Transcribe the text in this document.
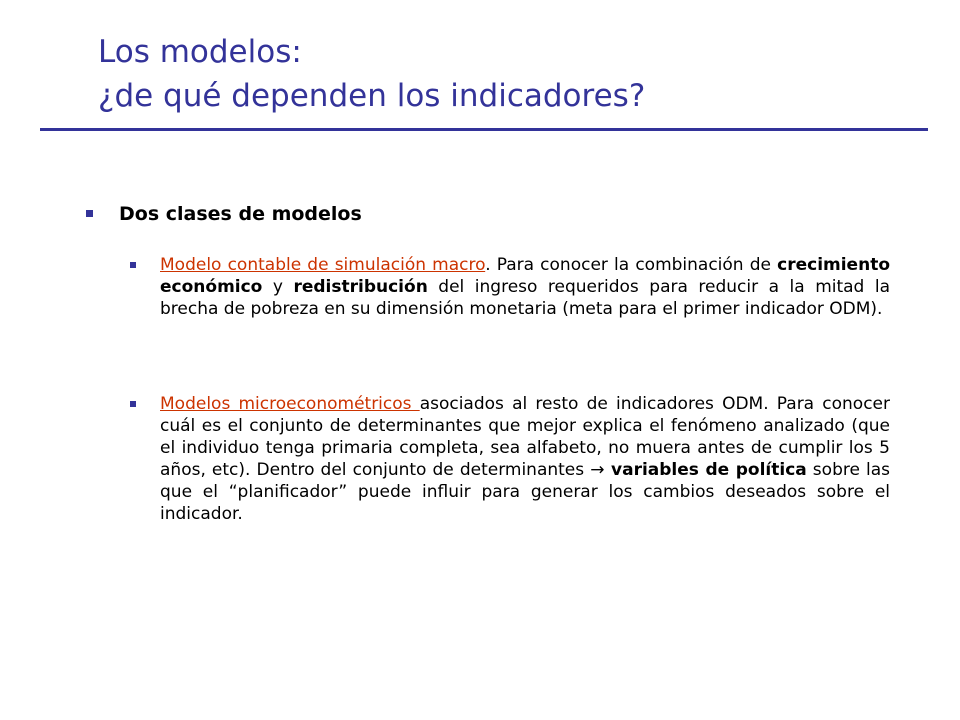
Los modelos:
¿de qué dependen los indicadores?
Dos clases de modelos
Modelo contable de simulación macro. Para conocer la combinación de crecimiento económico y redistribución del ingreso requeridos para reducir a la mitad la brecha de pobreza en su dimensión monetaria (meta para el primer indicador ODM).
Modelos microeconométricos asociados al resto de indicadores ODM. Para conocer cuál es el conjunto de determinantes que mejor explica el fenómeno analizado (que el individuo tenga primaria completa, sea alfabeto, no muera antes de cumplir los 5 años, etc). Dentro del conjunto de determinantes → variables de política sobre las que el “planificador” puede influir para generar los cambios deseados sobre el indicador.
